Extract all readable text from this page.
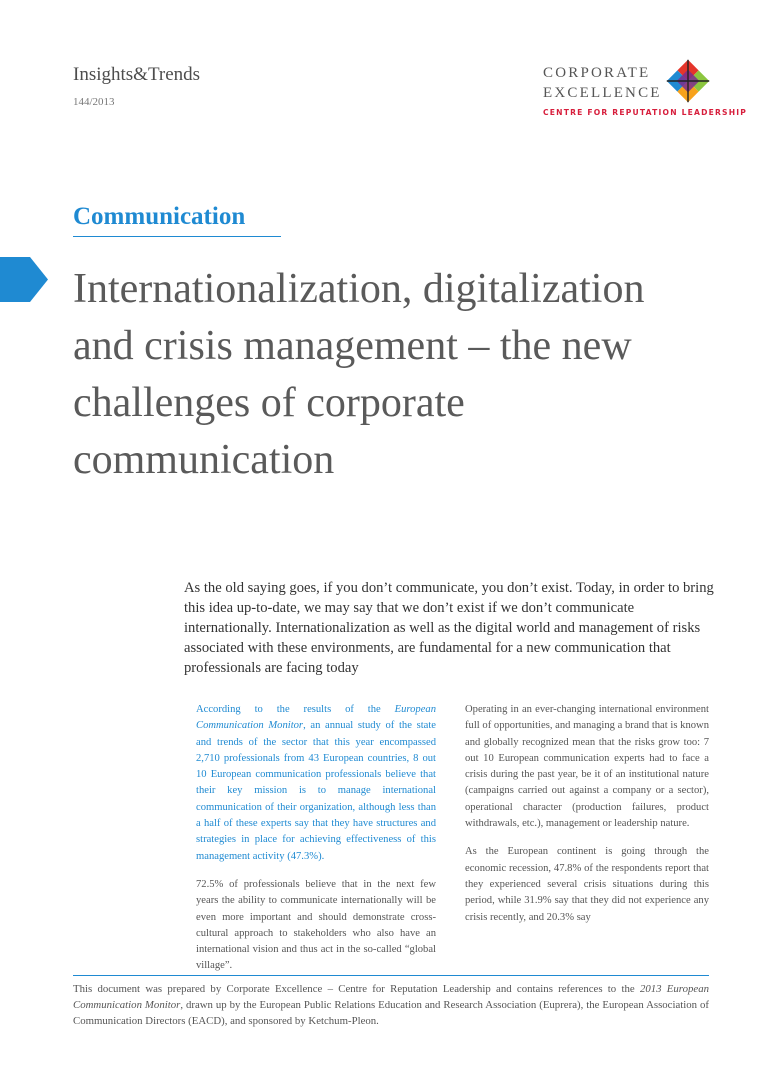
Insights&Trends
144/2013
CORPORATE
EXCELLENCE
CENTRE FOR REPUTATION LEADERSHIP
Communication
Internationalization, digitalization and crisis management – the new challenges of corporate communication
As the old saying goes, if you don’t communicate, you don’t exist. Today, in order to bring this idea up-to-date, we may say that we don’t exist if we don’t communicate internationally. Internationalization as well as the digital world and management of risks associated with these environments, are fundamental for a new communication that professionals are facing today

According to the results of the European Communication Monitor, an annual study of the state and trends of the sector that this year encompassed 2,710 professionals from 43 European countries, 8 out 10 European communication professionals believe that their key mission is to manage international communication of their organization, although less than a half of these experts say that they have structures and strategies in place for achieving effectiveness of this management activity (47.3%).

72.5% of professionals believe that in the next few years the ability to communicate internationally will be even more important and should demonstrate cross-cultural approach to stakeholders who also have an international vision and thus act in the so-called “global village”.

Operating in an ever-changing international environment full of opportunities, and managing a brand that is known and globally recognized mean that the risks grow too: 7 out 10 European communication experts had to face a crisis during the past year, be it of an institutional nature (campaigns carried out against a company or a sector), operational character (production failures, product withdrawals, etc.), management or leadership nature.

As the European continent is going through the economic recession, 47.8% of the respondents report that they experienced several crisis situations during this period, while 31.9% say that they did not experience any crisis recently, and 20.3% say

This document was prepared by Corporate Excellence – Centre for Reputation Leadership and contains references to the 2013 European Communication Monitor, drawn up by the European Public Relations Education and Research Association (Euprera), the European Association of Communication Directors (EACD), and sponsored by Ketchum-Pleon.
